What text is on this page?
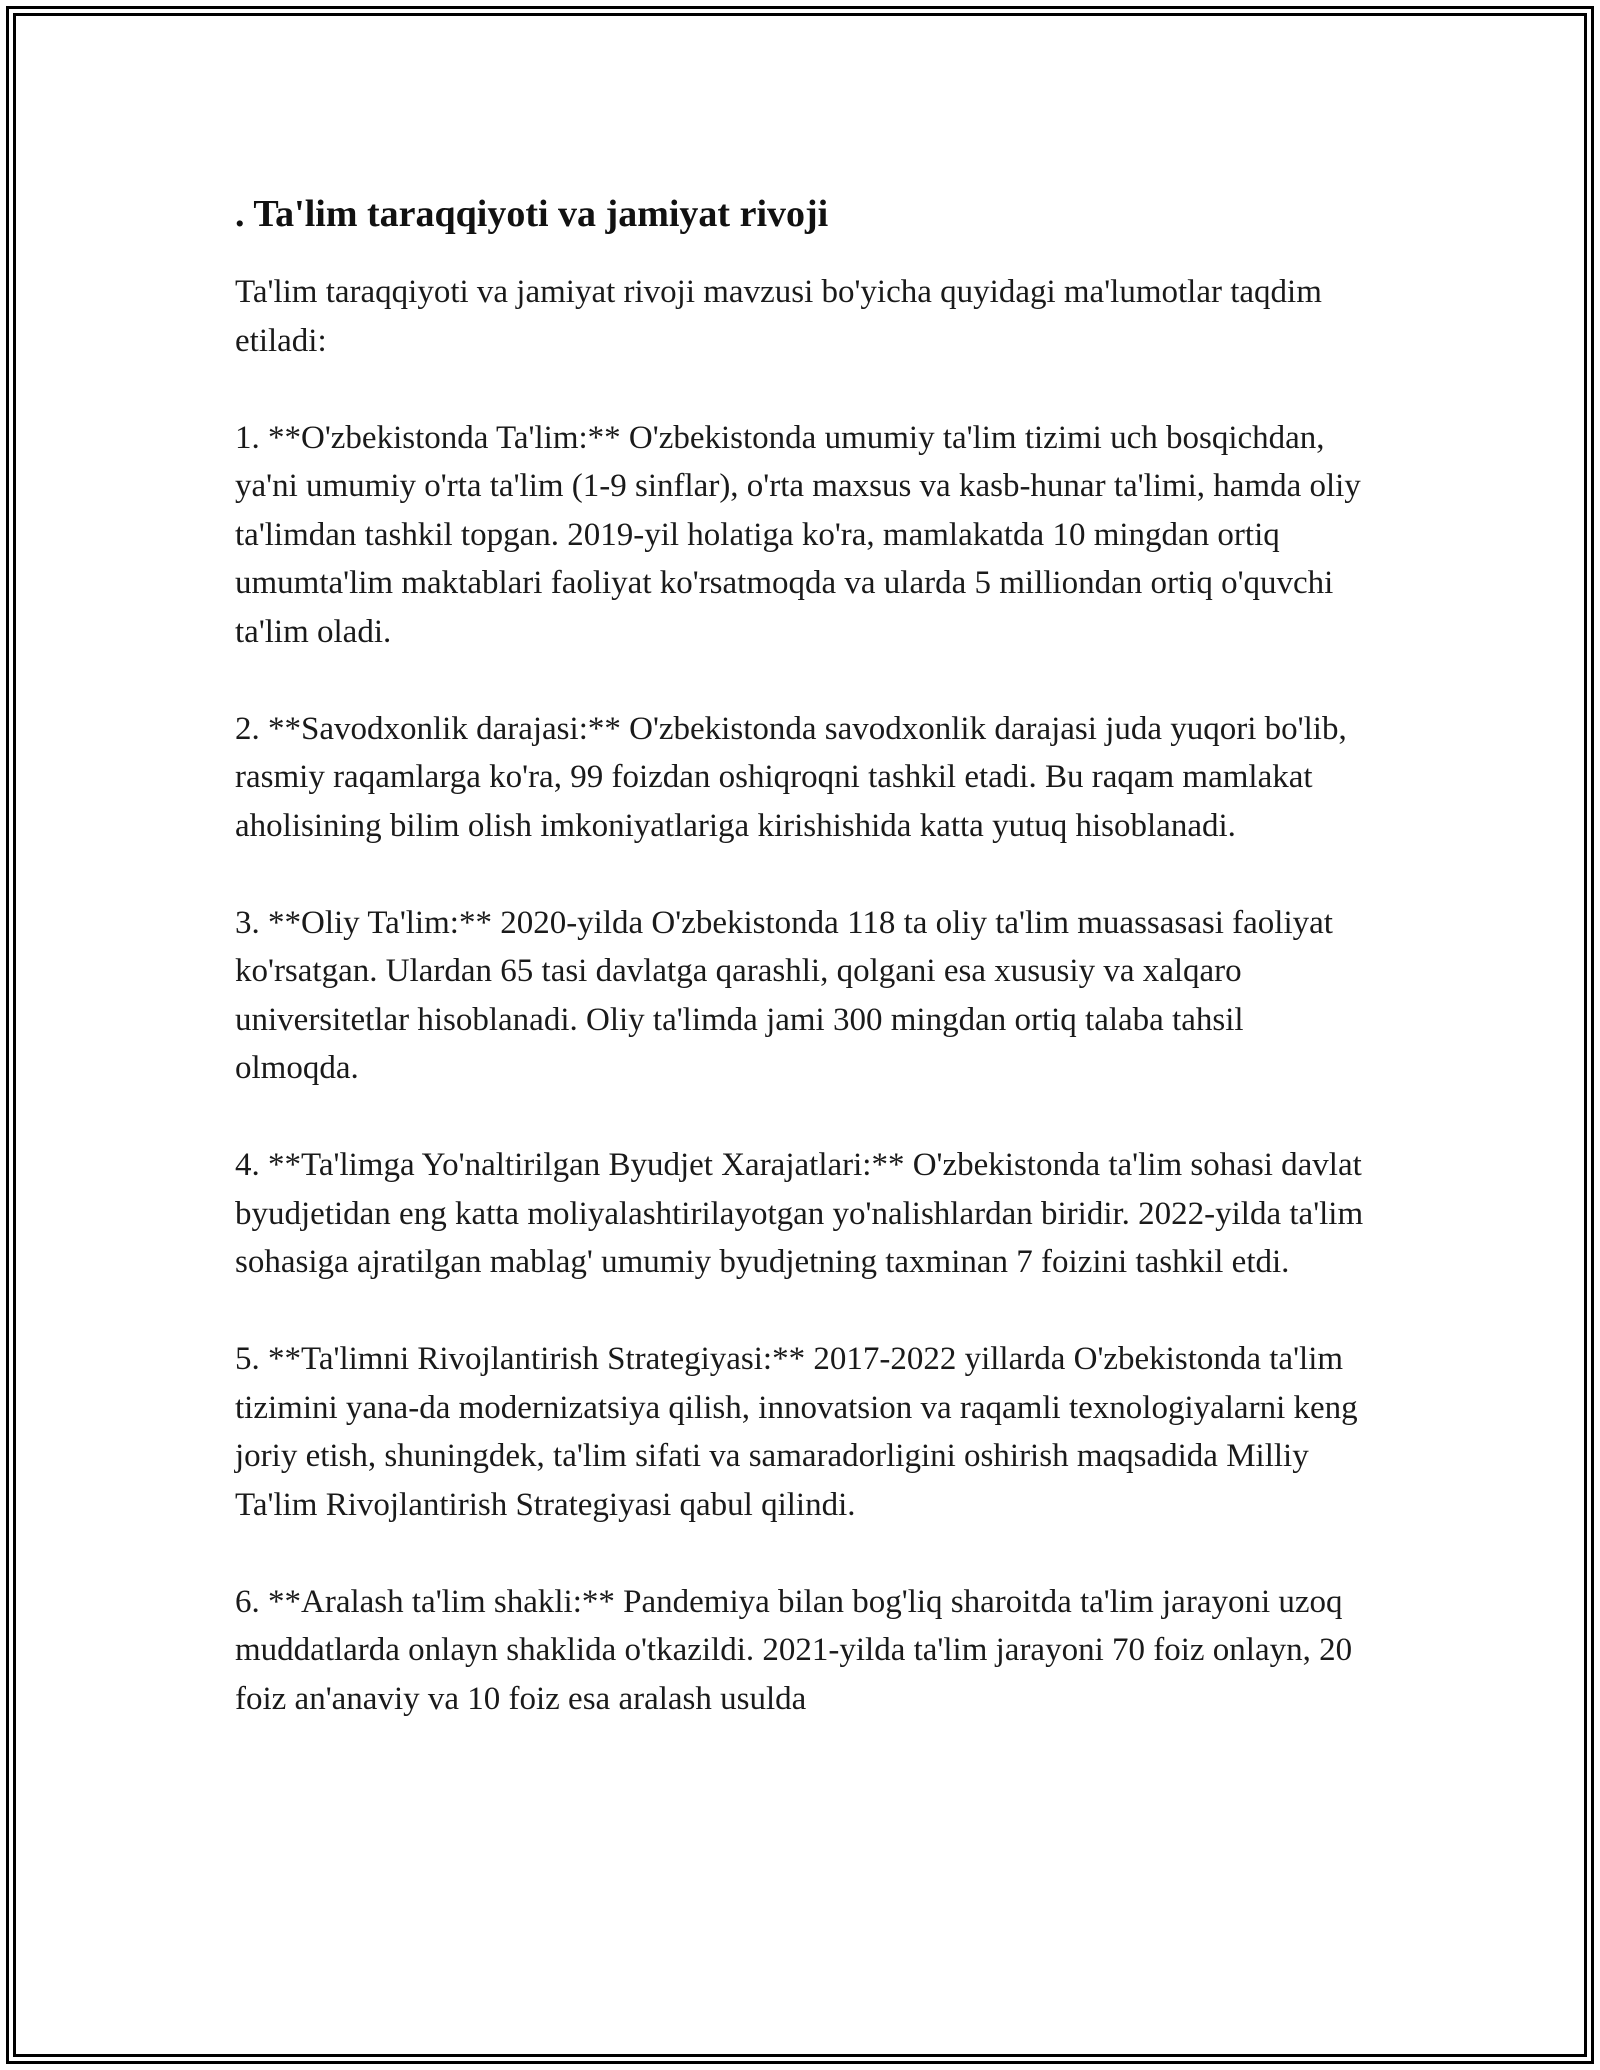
. Ta'lim taraqqiyoti va jamiyat rivoji

Ta'lim taraqqiyoti va jamiyat rivoji mavzusi bo'yicha quyidagi ma'lumotlar taqdim etiladi:

1. **O'zbekistonda Ta'lim:** O'zbekistonda umumiy ta'lim tizimi uch bosqichdan, ya'ni umumiy o'rta ta'lim (1-9 sinflar), o'rta maxsus va kasb-hunar ta'limi, hamda oliy ta'limdan tashkil topgan. 2019-yil holatiga ko'ra, mamlakatda 10 mingdan ortiq umumta'lim maktablari faoliyat ko'rsatmoqda va ularda 5 milliondan ortiq o'quvchi ta'lim oladi.

2. **Savodxonlik darajasi:** O'zbekistonda savodxonlik darajasi juda yuqori bo'lib, rasmiy raqamlarga ko'ra, 99 foizdan oshiqroqni tashkil etadi. Bu raqam mamlakat aholisining bilim olish imkoniyatlariga kirishishida katta yutuq hisoblanadi.

3. **Oliy Ta'lim:** 2020-yilda O'zbekistonda 118 ta oliy ta'lim muassasasi faoliyat ko'rsatgan. Ulardan 65 tasi davlatga qarashli, qolgani esa xususiy va xalqaro universitetlar hisoblanadi. Oliy ta'limda jami 300 mingdan ortiq talaba tahsil olmoqda.

4. **Ta'limga Yo'naltirilgan Byudjet Xarajatlari:** O'zbekistonda ta'lim sohasi davlat byudjetidan eng katta moliyalashtirilayotgan yo'nalishlardan biridir. 2022-yilda ta'lim sohasiga ajratilgan mablag' umumiy byudjetning taxminan 7 foizini tashkil etdi.

5. **Ta'limni Rivojlantirish Strategiyasi:** 2017-2022 yillarda O'zbekistonda ta'lim tizimini yana-da modernizatsiya qilish, innovatsion va raqamli texnologiyalarni keng joriy etish, shuningdek, ta'lim sifati va samaradorligini oshirish maqsadida Milliy Ta'lim Rivojlantirish Strategiyasi qabul qilindi.

6. **Aralash ta'lim shakli:** Pandemiya bilan bog'liq sharoitda ta'lim jarayoni uzoq muddatlarda onlayn shaklida o'tkazildi. 2021-yilda ta'lim jarayoni 70 foiz onlayn, 20 foiz an'anaviy va 10 foiz esa aralash usulda
